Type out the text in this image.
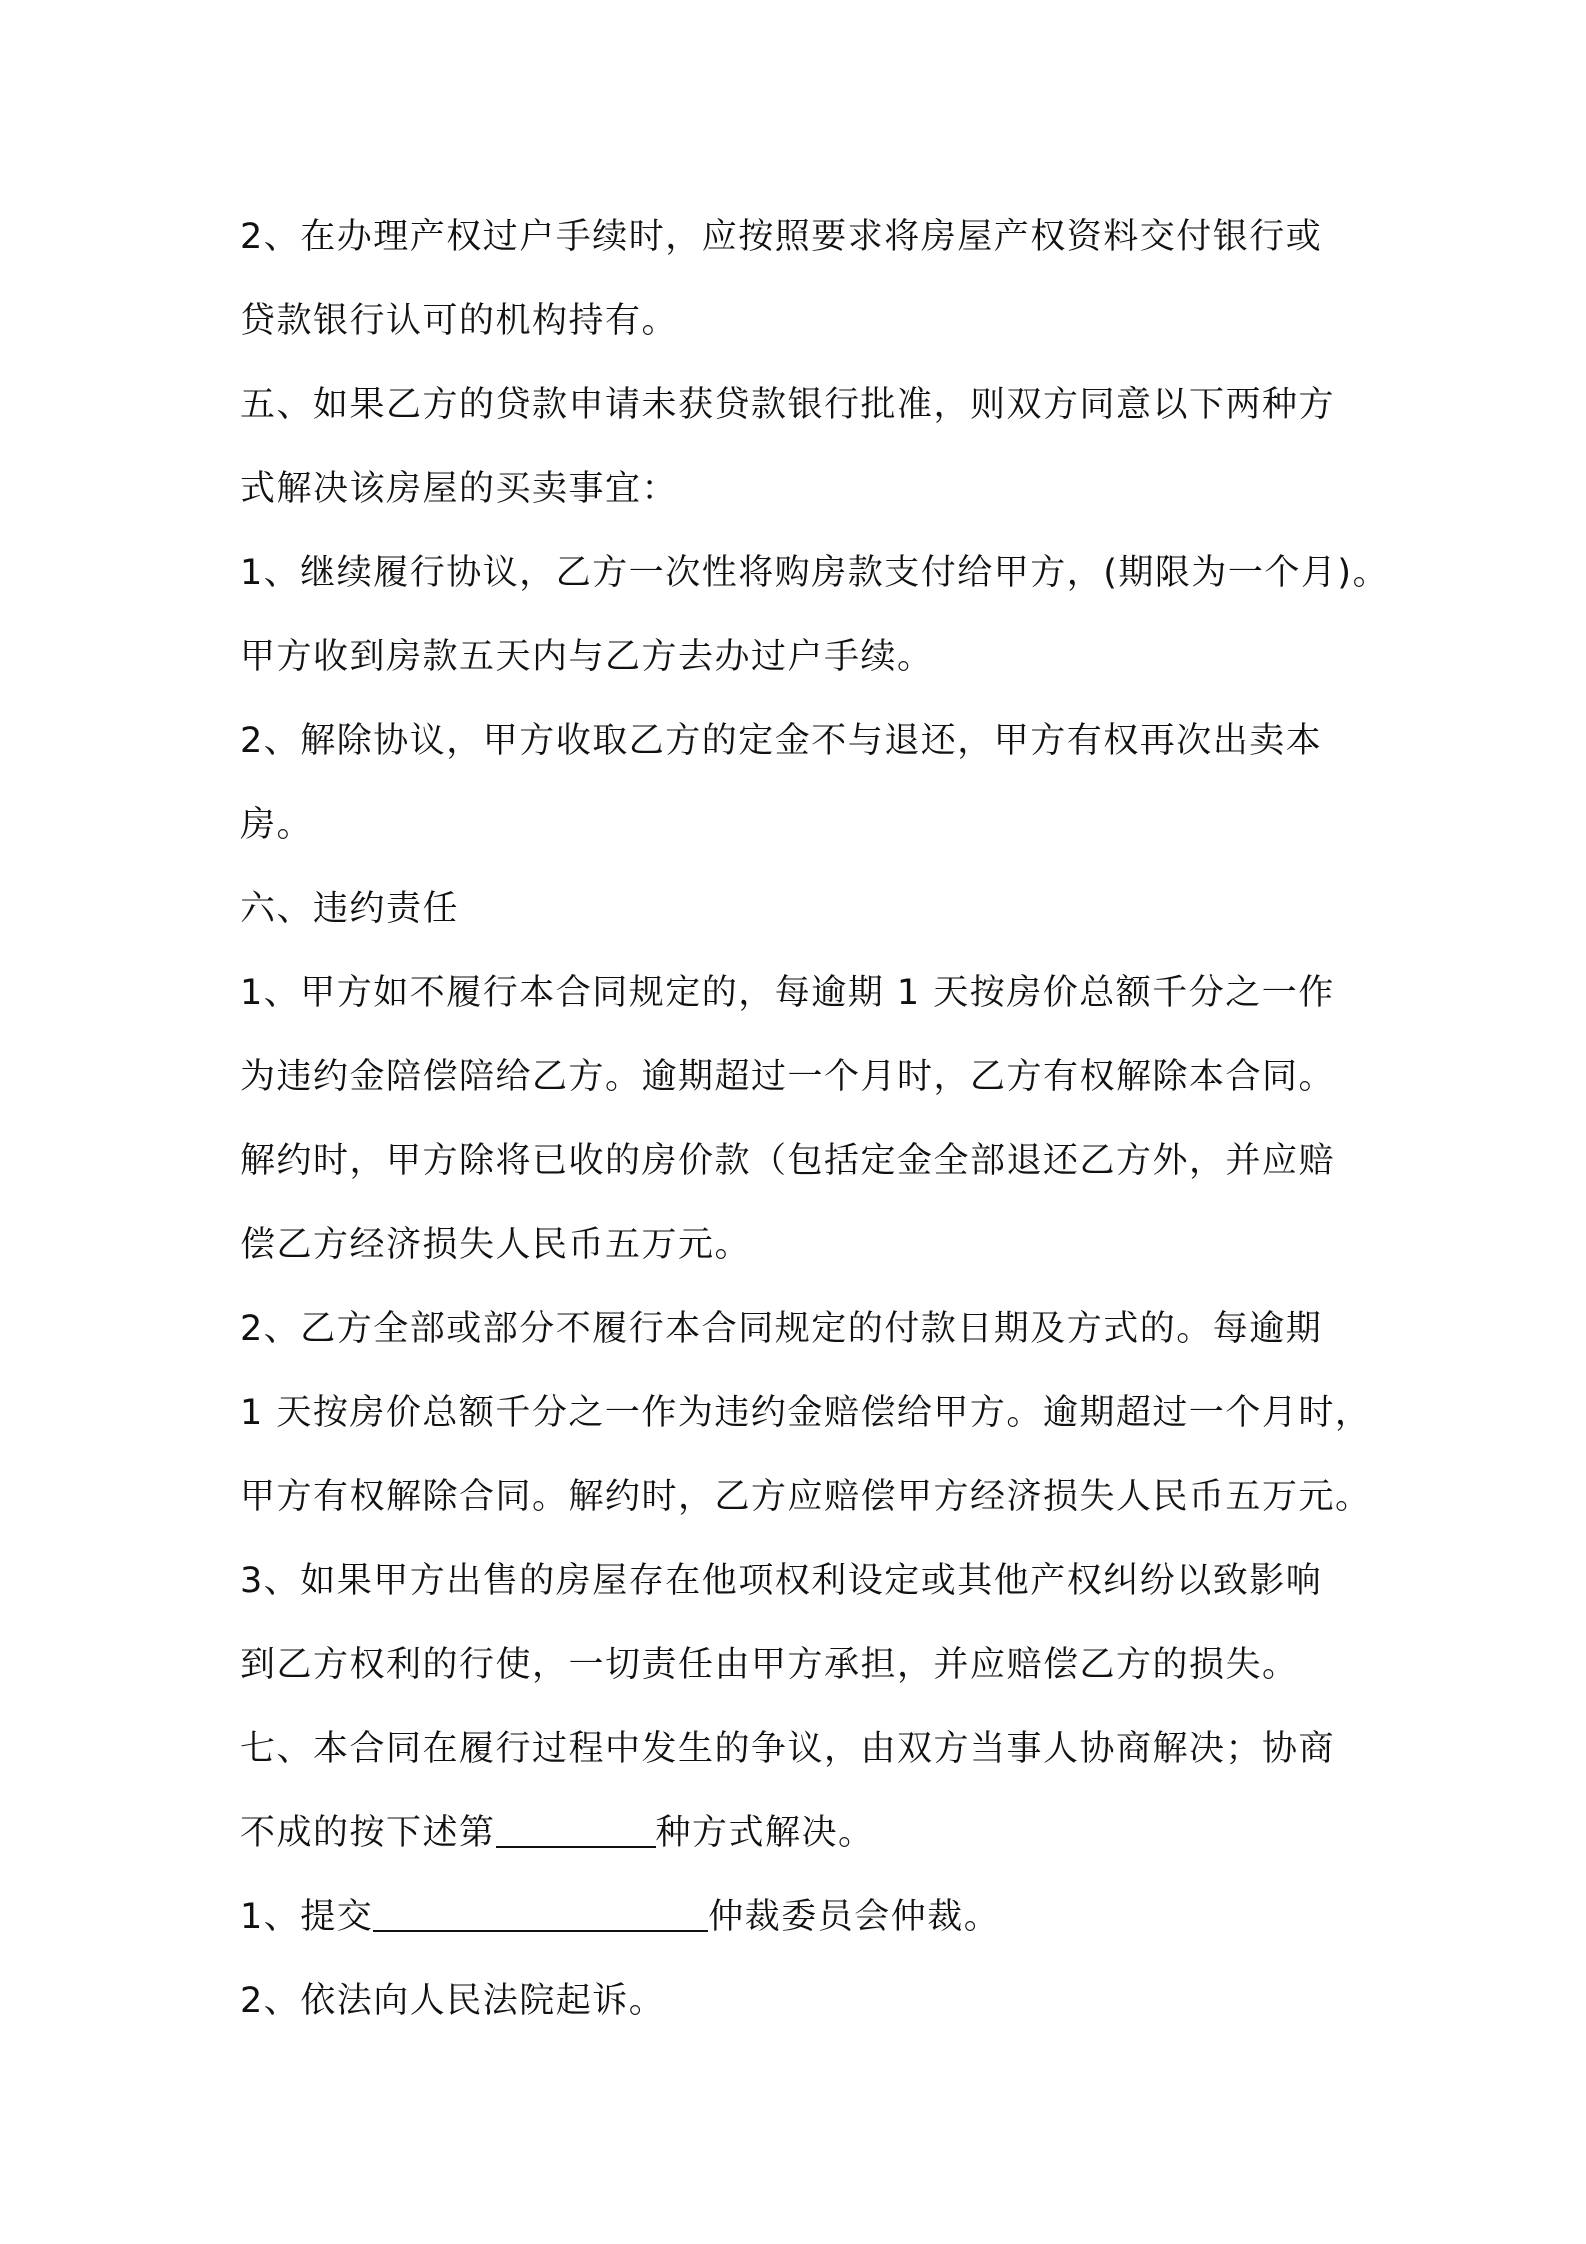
2、在办理产权过户手续时，应按照要求将房屋产权资料交付银行或
贷款银行认可的机构持有。
五、如果乙方的贷款申请未获贷款银行批准，则双方同意以下两种方
式解决该房屋的买卖事宜：
1、继续履行协议，乙方一次性将购房款支付给甲方，(期限为一个月)。
甲方收到房款五天内与乙方去办过户手续。
2、解除协议，甲方收取乙方的定金不与退还，甲方有权再次出卖本
房。
六、违约责任
1、甲方如不履行本合同规定的，每逾期 1 天按房价总额千分之一作
为违约金陪偿陪给乙方。逾期超过一个月时，乙方有权解除本合同。
解约时，甲方除将已收的房价款（包括定金全部退还乙方外，并应赔
偿乙方经济损失人民币五万元。
2、乙方全部或部分不履行本合同规定的付款日期及方式的。每逾期
1 天按房价总额千分之一作为违约金赔偿给甲方。逾期超过一个月时，
甲方有权解除合同。解约时，乙方应赔偿甲方经济损失人民币五万元。
3、如果甲方出售的房屋存在他项权利设定或其他产权纠纷以致影响
到乙方权利的行使，一切责任由甲方承担，并应赔偿乙方的损失。
七、本合同在履行过程中发生的争议，由双方当事人协商解决；协商
不成的按下述第	种方式解决。
1、提交	仲裁委员会仲裁。
2、依法向人民法院起诉。
